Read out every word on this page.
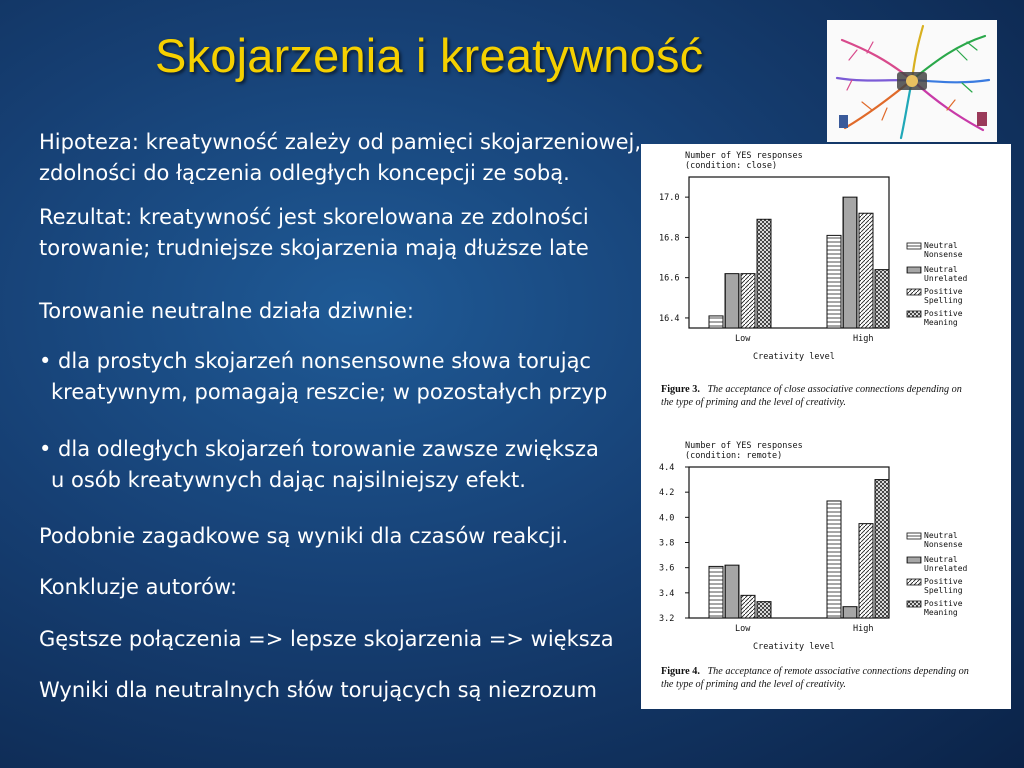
Skojarzenia i kreatywność
Hipoteza: kreatywność zależy od pamięci skojarzeniowej,
zdolności do łączenia odległych koncepcji ze sobą.
Rezultat: kreatywność jest skorelowana ze zdolności
torowanie; trudniejsze skojarzenia mają dłuższe late
Torowanie neutralne działa dziwnie:
• dla prostych skojarzeń nonsensowne słowa torując
kreatywnym, pomagają reszcie; w pozostałych przyp
• dla odległych skojarzeń torowanie zawsze zwiększa
u osób kreatywnych dając najsilniejszy efekt.
Podobnie zagadkowe są wyniki dla czasów reakcji.
Konkluzje autorów:
Gęstsze połączenia => lepsze skojarzenia => większa
Wyniki dla neutralnych słów torujących są niezrozum
Number of YES responses
(condition: close)
17.0
16.8
16.6
16.4
Low	High
Creativity level
Neutral
Nonsense
Neutral
Unrelated
Positive
Spelling
Positive
Meaning
Figure 3. The acceptance of close associative connections depending on the type of priming and the level of creativity.
Number of YES responses
(condition: remote)
4.4
4.2
4.0
3.8
3.6
3.4
3.2
Low	High
Creativity level
Neutral
Nonsense
Neutral
Unrelated
Positive
Spelling
Positive
Meaning
Figure 4. The acceptance of remote associative connections depending on the type of priming and the level of creativity.
